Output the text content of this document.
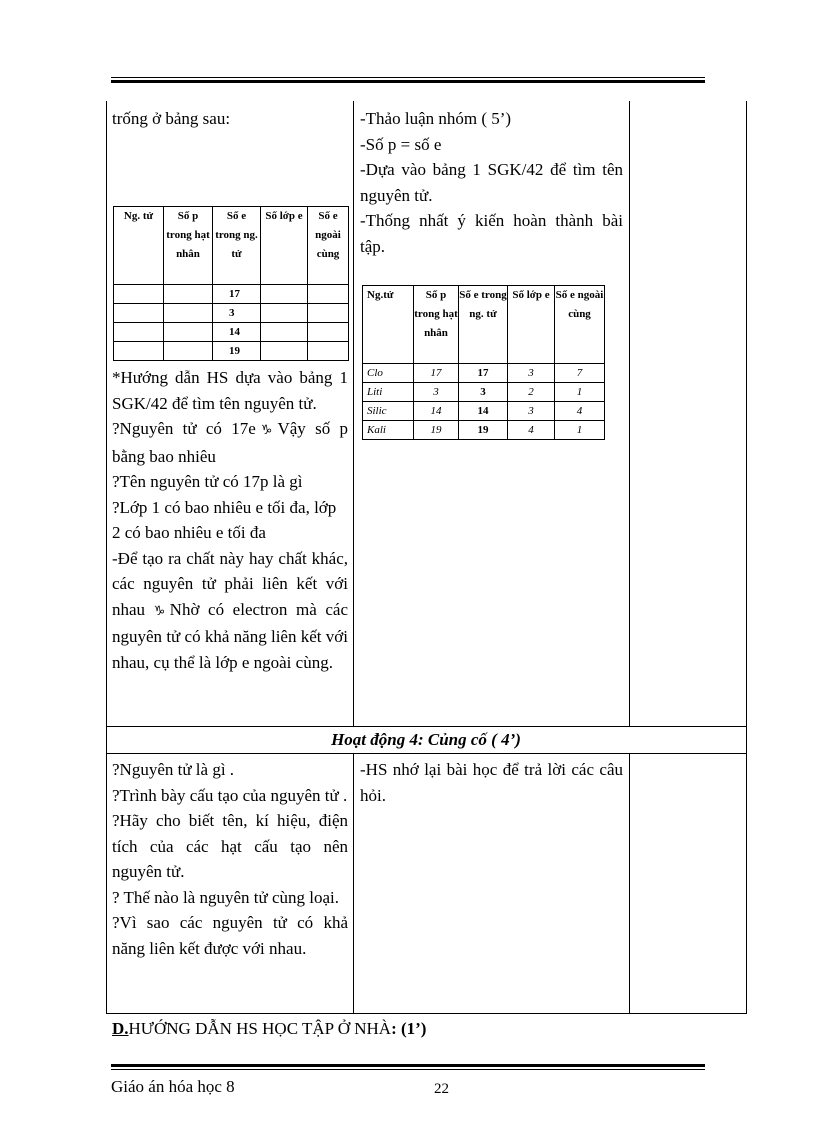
trống ở bảng sau:
Ng. tử	Số p trong hạt nhân	Số e trong ng. tử	Số lớp e	Số e ngoài cùng
		17		
		3		
		14		
		19		

*Hướng dẫn HS dựa vào bảng 1 SGK/42 để tìm tên nguyên tử.

?Nguyên tử có 17e♑Vậy số p bằng bao nhiêu

?Tên nguyên tử có 17p là gì

?Lớp 1 có bao nhiêu e tối đa, lớp 2 có bao nhiêu e tối đa

-Để tạo ra chất này hay chất khác, các nguyên tử phải liên kết với nhau ♑Nhờ có electron mà các nguyên tử có khả năng liên kết với nhau, cụ thể là lớp e ngoài cùng.

-Thảo luận nhóm ( 5’)

-Số p = số e

-Dựa vào bảng 1 SGK/42 để tìm tên nguyên tử.

-Thống nhất ý kiến hoàn thành bài tập.

Ng.tử	Số p trong hạt nhân	Số e trong ng. tử	Số lớp e	Số e ngoài cùng
Clo	17	17	3	7
Liti	3	3	2	1
Silic	14	14	3	4
Kali	19	19	4	1
Hoạt động 4: Củng cố ( 4’)

?Nguyên tử là gì .

?Trình bày cấu tạo của nguyên tử .

?Hãy cho biết tên, kí hiệu, điện tích của các hạt cấu tạo nên nguyên tử.

? Thế nào là nguyên tử cùng loại.

?Vì sao các nguyên tử có khả năng liên kết được với nhau.

-HS nhớ lại bài học để trả lời các câu hỏi.
D.HƯỚNG DẪN HS HỌC TẬP Ở NHÀ: (1’)
Giáo án hóa học 8	22
